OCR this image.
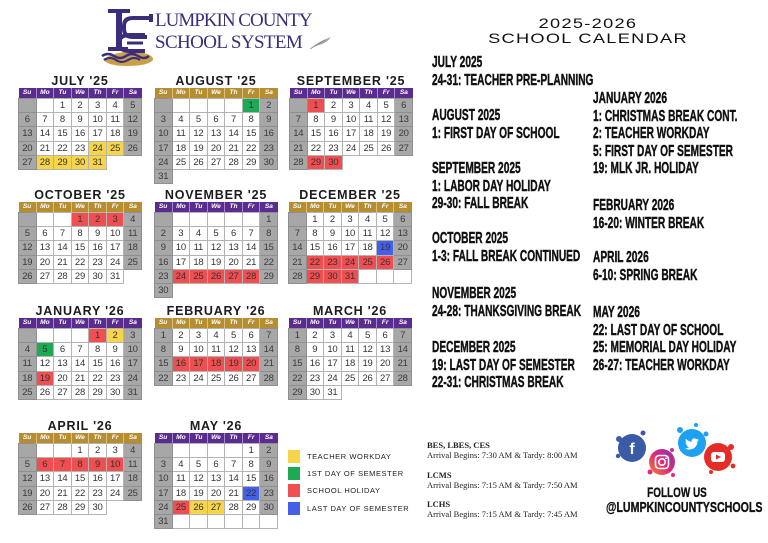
LUMPKIN COUNTY
SCHOOL SYSTEM
2025-2026
SCHOOL CALENDAR
JULY '25
Su	Mo	Tu	We	Th	Fr	Sa
		1	2	3	4	5
6	7	8	9	10	11	12
13	14	15	16	17	18	19
20	21	22	23	24	25	26
27	28	29	30	31		
AUGUST '25
Su	Mo	Tu	We	Th	Fr	Sa
					1	2
3	4	5	6	7	8	9
10	11	12	13	14	15	16
17	18	19	20	21	22	23
24	25	26	27	28	29	30
31						
SEPTEMBER '25
Su	Mo	Tu	We	Th	Fr	Sa
	1	2	3	4	5	6
7	8	9	10	11	12	13
14	15	16	17	18	19	20
21	22	23	24	25	26	27
28	29	30				
OCTOBER '25
Su	Mo	Tu	We	Th	Fr	Sa
			1	2	3	4
5	6	7	8	9	10	11
12	13	14	15	16	17	18
19	20	21	22	23	24	25
26	27	28	29	30	31	
NOVEMBER '25
Su	Mo	Tu	We	Th	Fr	Sa
						1
2	3	4	5	6	7	8
9	10	11	12	13	14	15
16	17	18	19	20	21	22
23	24	25	26	27	28	29
30						
DECEMBER '25
Su	Mo	Tu	We	Th	Fr	Sa
	1	2	3	4	5	6
7	8	9	10	11	12	13
14	15	16	17	18	19	20
21	22	23	24	25	26	27
28	29	30	31			
JANUARY '26
Su	Mo	Tu	We	Th	Fr	Sa
				1	2	3
4	5	6	7	8	9	10
11	12	13	14	15	16	17
18	19	20	21	22	23	24
25	26	27	28	29	30	31
FEBRUARY '26
Su	Mo	Tu	We	Th	Fr	Sa
1	2	3	4	5	6	7
8	9	10	11	12	13	14
15	16	17	18	19	20	21
22	23	24	25	26	27	28
MARCH '26
Su	Mo	Tu	We	Th	Fr	Sa
1	2	3	4	5	6	7
8	9	10	11	12	13	14
15	16	17	18	19	20	21
22	23	24	25	26	27	28
29	30	31				
APRIL '26
Su	Mo	Tu	We	Th	Fr	Sa
			1	2	3	4
5	6	7	8	9	10	11
12	13	14	15	16	17	18
19	20	21	22	23	24	25
26	27	28	29	30		
MAY '26
Su	Mo	Tu	We	Th	Fr	Sa
					1	2
3	4	5	6	7	8	9
10	11	12	13	14	15	16
17	18	19	20	21	22	23
24	25	26	27	28	29	30
31						
TEACHER WORKDAY
1ST DAY OF SEMESTER
SCHOOL HOLIDAY
LAST DAY OF SEMESTER
JULY 2025
24-31: TEACHER PRE-PLANNING
AUGUST 2025
1: FIRST DAY OF SCHOOL
SEPTEMBER 2025
1: LABOR DAY HOLIDAY
29-30: FALL BREAK
OCTOBER 2025
1-3: FALL BREAK CONTINUED
NOVEMBER 2025
24-28: THANKSGIVING BREAK
DECEMBER 2025
19: LAST DAY OF SEMESTER
22-31: CHRISTMAS BREAK
JANUARY 2026
1: CHRISTMAS BREAK CONT.
2: TEACHER WORKDAY
5: FIRST DAY OF SEMESTER
19: MLK JR. HOLIDAY
FEBRUARY 2026
16-20: WINTER BREAK
APRIL 2026
6-10: SPRING BREAK
MAY 2026
22: LAST DAY OF SCHOOL
25: MEMORIAL DAY HOLIDAY
26-27: TEACHER WORKDAY
BES, LBES, CES
Arrival Begins: 7:30 AM & Tardy: 8:00 AM
LCMS
Arrival Begins: 7:15 AM & Tardy: 7:50 AM
LCHS
Arrival Begins: 7:15 AM & Tardy: 7:45 AM
f
FOLLOW US
@LUMPKINCOUNTYSCHOOLS
